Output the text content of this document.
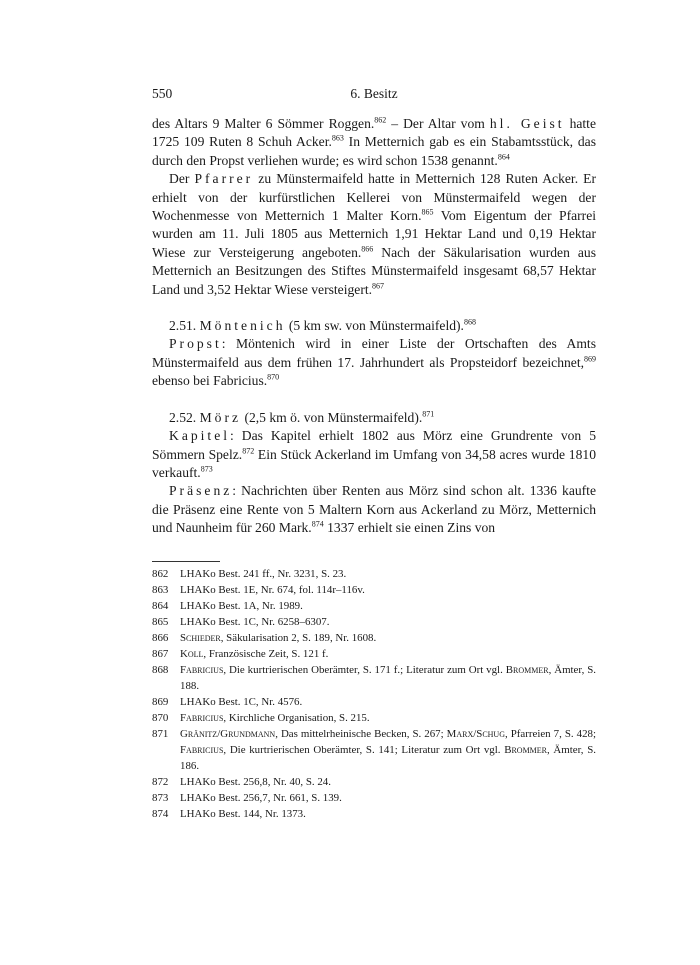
550	6. Besitz

des Altars 9 Malter 6 Sömmer Roggen.$^{862}$ – Der Altar vom hl. Geist hatte 1725 109 Ruten 8 Schuh Acker.$^{863}$ In Metternich gab es ein Stabamtsstück, das durch den Propst verliehen wurde; es wird schon 1538 genannt.$^{864}$

Der Pfarrer zu Münstermaifeld hatte in Metternich 128 Ruten Acker. Er erhielt von der kurfürstlichen Kellerei von Münstermaifeld wegen der Wochenmesse von Metternich 1 Malter Korn.$^{865}$ Vom Eigentum der Pfarrei wurden am 11. Juli 1805 aus Metternich 1,91 Hektar Land und 0,19 Hektar Wiese zur Versteigerung angeboten.$^{866}$ Nach der Säkularisation wurden aus Metternich an Besitzungen des Stiftes Münstermaifeld insgesamt 68,57 Hektar Land und 3,52 Hektar Wiese versteigert.$^{867}$

2.51. Möntenich (5 km sw. von Münstermaifeld).$^{868}$

Propst: Möntenich wird in einer Liste der Ortschaften des Amts Münstermaifeld aus dem frühen 17. Jahrhundert als Propsteidorf bezeichnet,$^{869}$ ebenso bei Fabricius.$^{870}$

2.52. Mörz (2,5 km ö. von Münstermaifeld).$^{871}$

Kapitel: Das Kapitel erhielt 1802 aus Mörz eine Grundrente von 5 Sömmern Spelz.$^{872}$ Ein Stück Ackerland im Umfang von 34,58 acres wurde 1810 verkauft.$^{873}$

Präsenz: Nachrichten über Renten aus Mörz sind schon alt. 1336 kaufte die Präsenz eine Rente von 5 Maltern Korn aus Ackerland zu Mörz, Metternich und Naunheim für 260 Mark.$^{874}$ 1337 erhielt sie einen Zins von

862 LHAKo Best. 241 ff., Nr. 3231, S. 23.
863 LHAKo Best. 1E, Nr. 674, fol. 114r–116v.
864 LHAKo Best. 1A, Nr. 1989.
865 LHAKo Best. 1C, Nr. 6258–6307.
866 Schieder, Säkularisation 2, S. 189, Nr. 1608.
867 Koll, Französische Zeit, S. 121 f.
868 Fabricius, Die kurtrierischen Oberämter, S. 171 f.; Literatur zum Ort vgl. Brommer, Ämter, S. 188.
869 LHAKo Best. 1C, Nr. 4576.
870 Fabricius, Kirchliche Organisation, S. 215.
871 Gränitz/Grundmann, Das mittelrheinische Becken, S. 267; Marx/Schug, Pfarreien 7, S. 428; Fabricius, Die kurtrierischen Oberämter, S. 141; Literatur zum Ort vgl. Brommer, Ämter, S. 186.
872 LHAKo Best. 256,8, Nr. 40, S. 24.
873 LHAKo Best. 256,7, Nr. 661, S. 139.
874 LHAKo Best. 144, Nr. 1373.
